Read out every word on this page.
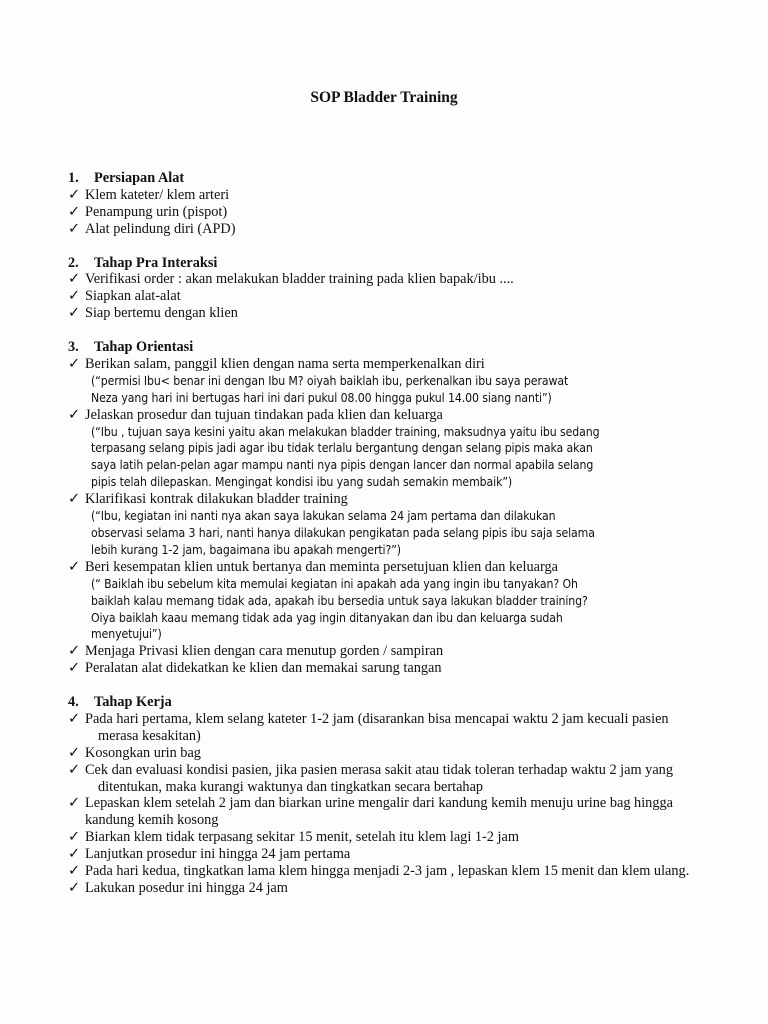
SOP Bladder Training
1.	Persiapan Alat
✓ Klem kateter/ klem arteri
✓ Penampung urin (pispot)
✓ Alat pelindung diri (APD)
2.	Tahap Pra Interaksi
✓ Verifikasi order : akan melakukan bladder training pada klien bapak/ibu ....
✓ Siapkan alat-alat
✓ Siap bertemu dengan klien
3.	Tahap Orientasi
✓ Berikan salam, panggil klien dengan nama serta memperkenalkan diri
(“permisi Ibu< benar ini dengan Ibu M? oiyah baiklah ibu, perkenalkan ibu saya perawat
Neza yang hari ini bertugas hari ini dari pukul 08.00 hingga pukul 14.00 siang nanti”)
✓ Jelaskan prosedur dan tujuan tindakan pada klien dan keluarga
(“Ibu , tujuan saya kesini yaitu akan melakukan bladder training, maksudnya yaitu ibu sedang
terpasang selang pipis jadi agar ibu tidak terlalu bergantung dengan selang pipis maka akan
saya latih pelan-pelan agar mampu nanti nya pipis dengan lancer dan normal apabila selang
pipis telah dilepaskan. Mengingat kondisi ibu yang sudah semakin membaik”)
✓ Klarifikasi kontrak dilakukan bladder training
(“Ibu, kegiatan ini nanti nya akan saya lakukan selama 24 jam pertama dan dilakukan
observasi selama 3 hari, nanti hanya dilakukan pengikatan pada selang pipis ibu saja selama
lebih kurang 1-2 jam, bagaimana ibu apakah mengerti?”)
✓ Beri kesempatan klien untuk bertanya dan meminta persetujuan klien dan keluarga
(“ Baiklah ibu sebelum kita memulai kegiatan ini apakah ada yang ingin ibu tanyakan? Oh
baiklah kalau memang tidak ada, apakah ibu bersedia untuk saya lakukan bladder training?
Oiya baiklah kaau memang tidak ada yag ingin ditanyakan dan ibu dan keluarga sudah
menyetujui”)
✓ Menjaga Privasi klien dengan cara menutup gorden / sampiran
✓ Peralatan alat didekatkan ke klien dan memakai sarung tangan
4.	Tahap Kerja
✓ Pada hari pertama, klem selang kateter 1-2 jam (disarankan bisa mencapai waktu 2 jam kecuali pasien merasa kesakitan)
✓ Kosongkan urin bag
✓ Cek dan evaluasi kondisi pasien, jika pasien merasa sakit atau tidak toleran terhadap waktu 2 jam yang ditentukan, maka kurangi waktunya dan tingkatkan secara bertahap
✓ Lepaskan klem setelah 2 jam dan biarkan urine mengalir dari kandung kemih menuju urine bag hingga kandung kemih kosong
✓ Biarkan klem tidak terpasang sekitar 15 menit, setelah itu klem lagi 1-2 jam
✓ Lanjutkan prosedur ini hingga 24 jam pertama
✓ Pada hari kedua, tingkatkan lama klem hingga menjadi 2-3 jam , lepaskan klem 15 menit dan klem ulang.
✓ Lakukan posedur ini hingga 24 jam
